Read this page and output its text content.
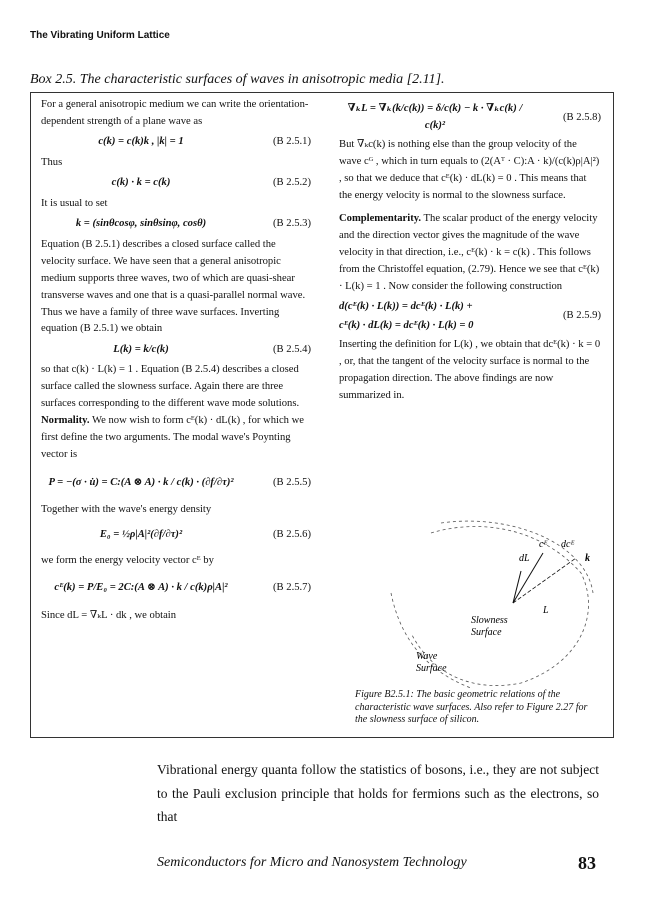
The Vibrating Uniform Lattice
Box 2.5. The characteristic surfaces of waves in anisotropic media [2.11].

For a general anisotropic medium we can write the orientation-dependent strength of a plane wave as

c(k) = c(k)k , |k| = 1	(B 2.5.1)

Thus

c(k) · k = c(k)	(B 2.5.2)

It is usual to set

k = (sinθcosφ, sinθsinφ, cosθ)	(B 2.5.3)

Equation (B 2.5.1) describes a closed surface called the velocity surface. We have seen that a general anisotropic medium supports three waves, two of which are quasi-shear transverse waves and one that is a quasi-parallel normal wave. Thus we have a family of three wave surfaces. Inverting equation (B 2.5.1) we obtain

L(k) = k/c(k)	(B 2.5.4)

so that c(k) · L(k) = 1 . Equation (B 2.5.4) describes a closed surface called the slowness surface. Again there are three surfaces corresponding to the different wave mode solutions.

Normality. We now wish to form cᴱ(k) · dL(k) , for which we first define the two arguments. The modal wave's Poynting vector is

P = −(σ · u̇) = C:(A ⊗ A) · k / c(k) · (∂f/∂τ)²	(B 2.5.5)

Together with the wave's energy density

E₀ = ½ρ|A|²(∂f/∂τ)²	(B 2.5.6)

we form the energy velocity vector cᴱ by

cᴱ(k) = P/E₀ = 2C:(A ⊗ A) · k / c(k)ρ|A|²	(B 2.5.7)

Since dL = ∇ₖL · dk , we obtain

∇ₖL = ∇ₖ(k/c(k)) = δ/c(k) − k · ∇ₖc(k) / c(k)²
(B 2.5.8)

But ∇ₖc(k) is nothing else than the group velocity of the wave cᴳ , which in turn equals to (2(Aᵀ · C):A · k)/(c(k)ρ|A|²) , so that we deduce that cᴱ(k) · dL(k) = 0 . This means that the energy velocity is normal to the slowness surface.

Complementarity. The scalar product of the energy velocity and the direction vector gives the magnitude of the wave velocity in that direction, i.e., cᴱ(k) · k = c(k) . This follows from the Christoffel equation, (2.79). Hence we see that cᴱ(k) · L(k) = 1 . Now consider the following construction

d(cᴱ(k) · L(k)) = dcᴱ(k) · L(k) +
cᴱ(k) · dL(k) = dcᴱ(k) · L(k) = 0
(B 2.5.9)

Inserting the definition for L(k) , we obtain that dcᴱ(k) · k = 0 , or, that the tangent of the velocity surface is normal to the propagation direction. The above findings are now summarized in.

cᴱ dcᴱ
dL	k
L
Slowness
Surface
Wave
Surface
Figure B2.5.1: The basic geometric relations of the characteristic wave surfaces. Also refer to Figure 2.27 for the slowness surface of silicon.
Vibrational energy quanta follow the statistics of bosons, i.e., they are not subject to the Pauli exclusion principle that holds for fermions such as the electrons, so that
Semiconductors for Micro and Nanosystem Technology	83
